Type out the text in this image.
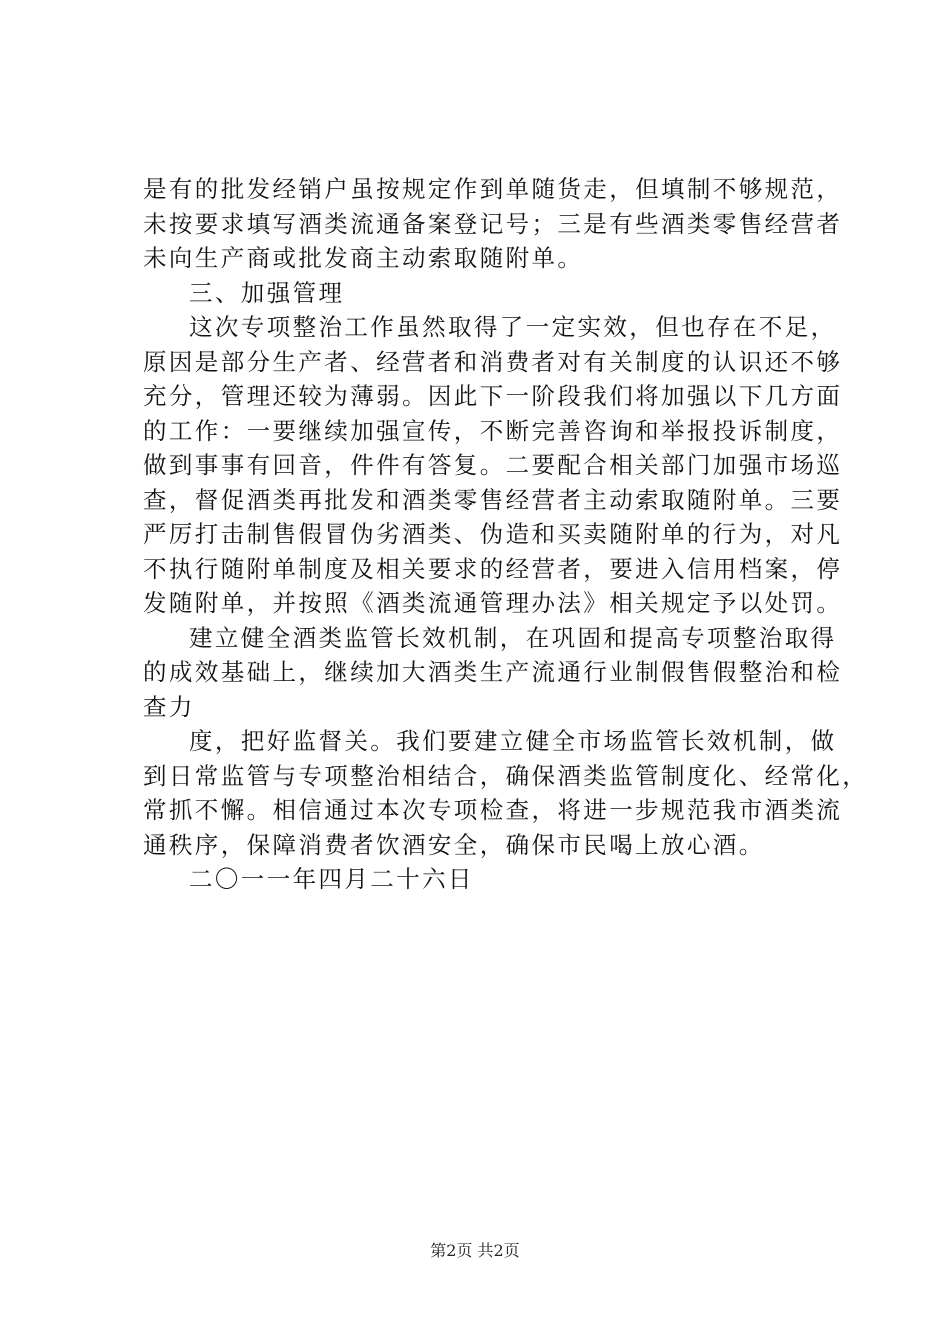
是有的批发经销户虽按规定作到单随货走，但填制不够规范，
未按要求填写酒类流通备案登记号；三是有些酒类零售经营者
未向生产商或批发商主动索取随附单。
三、加强管理
这次专项整治工作虽然取得了一定实效，但也存在不足，
原因是部分生产者、经营者和消费者对有关制度的认识还不够
充分，管理还较为薄弱。因此下一阶段我们将加强以下几方面
的工作：一要继续加强宣传，不断完善咨询和举报投诉制度，
做到事事有回音，件件有答复。二要配合相关部门加强市场巡
查，督促酒类再批发和酒类零售经营者主动索取随附单。三要
严厉打击制售假冒伪劣酒类、伪造和买卖随附单的行为，对凡
不执行随附单制度及相关要求的经营者，要进入信用档案，停
发随附单，并按照《酒类流通管理办法》相关规定予以处罚。
建立健全酒类监管长效机制，在巩固和提高专项整治取得
的成效基础上，继续加大酒类生产流通行业制假售假整治和检
查力
度，把好监督关。我们要建立健全市场监管长效机制，做
到日常监管与专项整治相结合，确保酒类监管制度化、经常化，
常抓不懈。相信通过本次专项检查，将进一步规范我市酒类流
通秩序，保障消费者饮酒安全，确保市民喝上放心酒。
二〇一一年四月二十六日
第2页 共2页
